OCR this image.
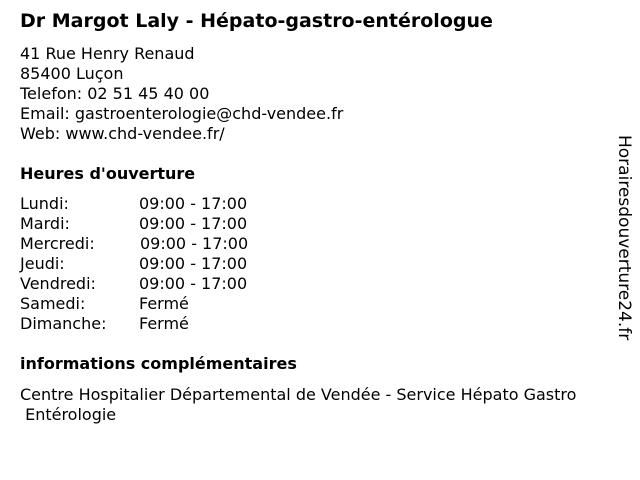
Dr Margot Laly - Hépato-gastro-entérologue
41 Rue Henry Renaud
85400 Luçon
Telefon: 02 51 45 40 00
Email: gastroenterologie@chd-vendee.fr
Web: www.chd-vendee.fr/
Heures d'ouverture
Lundi:	09:00 - 17:00
Mardi:	09:00 - 17:00
Mercredi:	09:00 - 17:00
Jeudi:	09:00 - 17:00
Vendredi:	09:00 - 17:00
Samedi:	Fermé
Dimanche: Fermé
informations complémentaires
Centre Hospitalier Départemental de Vendée - Service Hépato Gastro
Entérologie
Horairesdouverture24.fr
